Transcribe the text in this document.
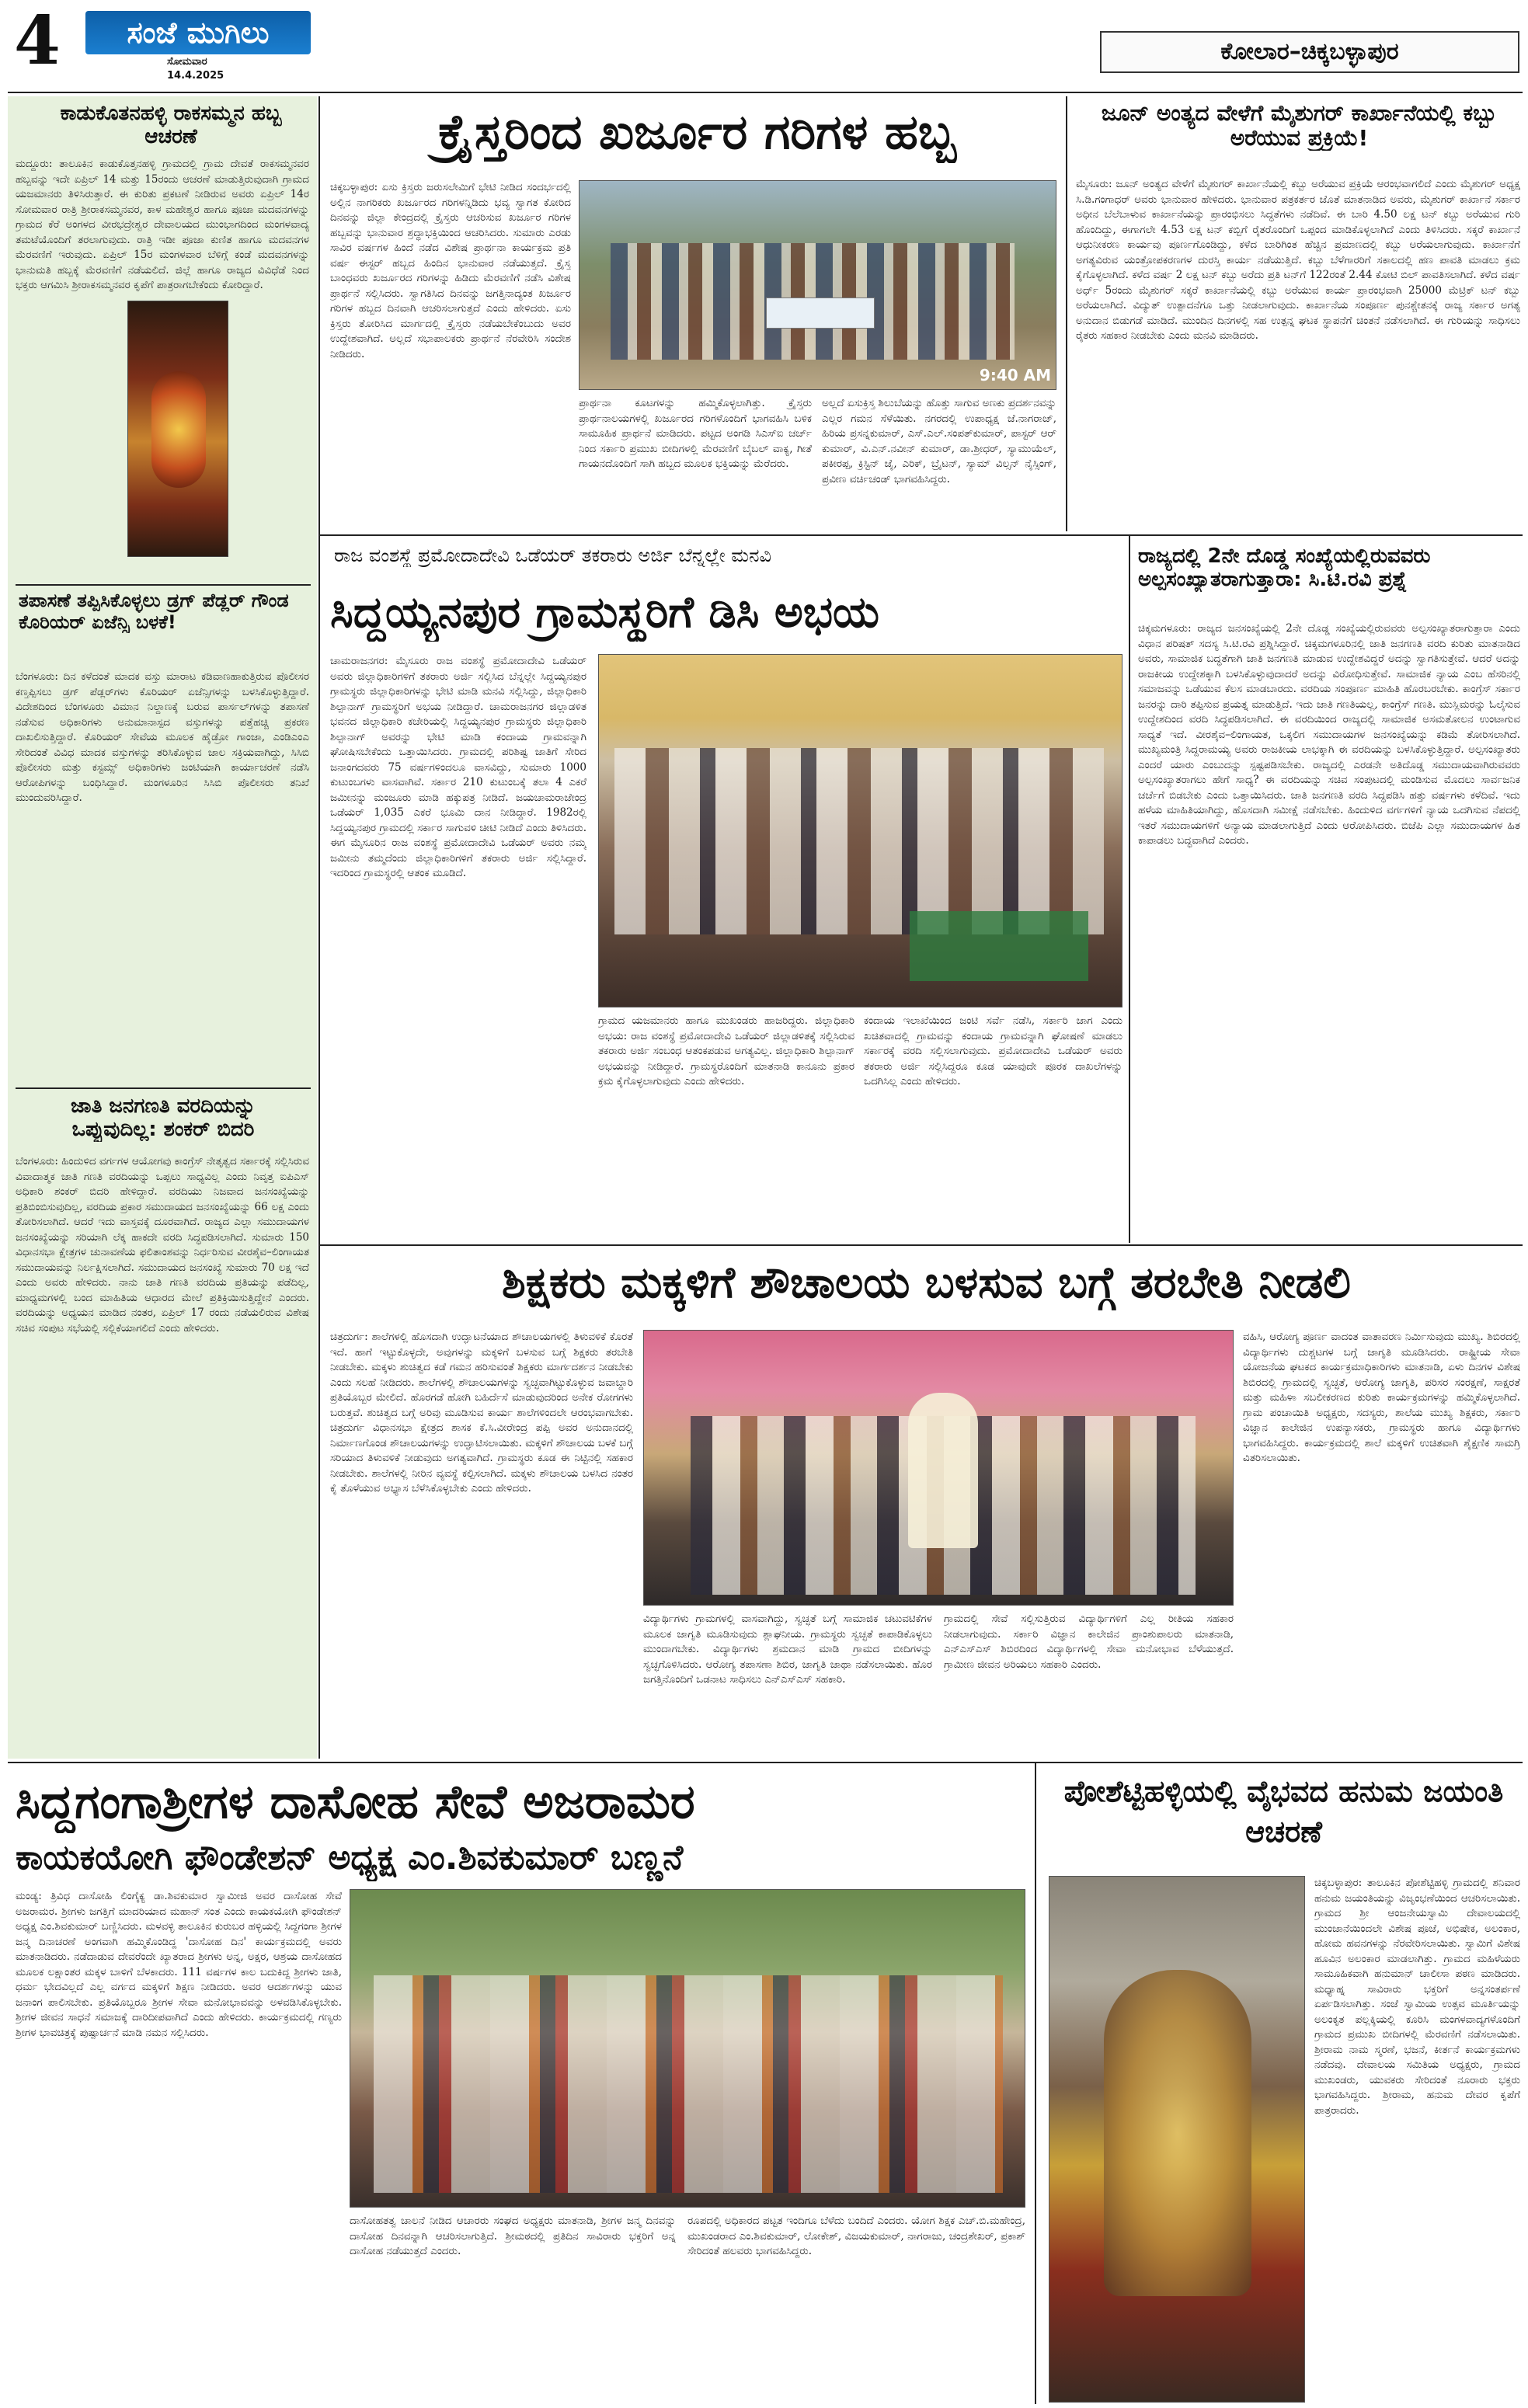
4	ಸಂಜೆ ಮುಗಿಲು
ಸೋಮವಾರ
14.4.2025
ಕೋಲಾರ–ಚಿಕ್ಕಬಳ್ಳಾಪುರ
ಕಾಡುಕೊತನಹಳ್ಳಿ ರಾಕಸಮ್ಮನ ಹಬ್ಬ ಆಚರಣೆ
ಮದ್ದೂರು: ತಾಲೂಕಿನ ಕಾಡುಕೊತ್ತನಹಳ್ಳಿ ಗ್ರಾಮದಲ್ಲಿ ಗ್ರಾಮ ದೇವತೆ ರಾಕಸಮ್ಮನವರ ಹಬ್ಬವನ್ನು ಇದೇ ಏಪ್ರಿಲ್ 14 ಮತ್ತು 15ರಂದು ಆಚರಣೆ ಮಾಡುತ್ತಿರುವುದಾಗಿ ಗ್ರಾಮದ ಯಜಮಾನರು ತಿಳಿಸಿರುತ್ತಾರೆ. ಈ ಕುರಿತು ಪ್ರಕಟಣೆ ನೀಡಿರುವ ಅವರು ಏಪ್ರಿಲ್ 14ರ ಸೋಮವಾರ ರಾತ್ರಿ ಶ್ರೀರಾಕಸಮ್ಮನವರ, ಕಾಳ ಮಹೇಶ್ವರ ಹಾಗೂ ಪೂಜಾ ಮದವನಗಳನ್ನು ಗ್ರಾಮದ ಕೆರೆ ಅಂಗಳದ ವೀರಭದ್ರೇಶ್ವರ ದೇವಾಲಯದ ಮುಂಭಾಗದಿಂದ ಮಂಗಳವಾದ್ಯ ತಮಟೆಯೊಂದಿಗೆ ತರಲಾಗುವುದು. ರಾತ್ರಿ ಇಡೀ ಪೂಜಾ ಕುಣಿತ ಹಾಗೂ ಮದವನಗಳ ಮೆರವಣಿಗೆ ಇರುವುದು. ಏಪ್ರಿಲ್ 15ರ ಮಂಗಳವಾರ ಬೆಳಿಗ್ಗೆ ಕಂಡೆ ಮದವನಗಳನ್ನು ಭಾನುಮತಿ ಹಬ್ಬಕ್ಕೆ ಮೆರವಣಿಗೆ ನಡೆಯಲಿದೆ. ಜಿಲ್ಲೆ ಹಾಗೂ ರಾಜ್ಯದ ವಿವಿಧೆಡೆ ನಿಂದ ಭಕ್ತರು ಆಗಮಿಸಿ ಶ್ರೀರಾಕಸಮ್ಮನವರ ಕೃಪೆಗೆ ಪಾತ್ರರಾಗಬೇಕೆಂದು ಕೋರಿದ್ದಾರೆ.
ತಪಾಸಣೆ ತಪ್ಪಿಸಿಕೊಳ್ಳಲು ಡ್ರಗ್ ಪೆಡ್ಲರ್ ಗೌಂಡ ಕೊರಿಯರ್ ಏಜೆನ್ಸಿ ಬಳಕೆ!
ಬೆಂಗಳೂರು: ದಿನ ಕಳೆದಂತೆ ಮಾದಕ ವಸ್ತು ಮಾರಾಟ ಕಡಿವಾಣಹಾಕುತ್ತಿರುವ ಪೊಲೀಸರ ಕಣ್ತಪ್ಪಿಸಲು ಡ್ರಗ್ ಪೆಡ್ಲರ್‌ಗಳು ಕೊರಿಯರ್ ಏಜೆನ್ಸಿಗಳನ್ನು ಬಳಸಿಕೊಳ್ಳುತ್ತಿದ್ದಾರೆ. ವಿದೇಶದಿಂದ ಬೆಂಗಳೂರು ವಿಮಾನ ನಿಲ್ದಾಣಕ್ಕೆ ಬರುವ ಪಾರ್ಸಲ್‌ಗಳನ್ನು ತಪಾಸಣೆ ನಡೆಸುವ ಅಧಿಕಾರಿಗಳು ಅನುಮಾನಾಸ್ಪದ ವಸ್ತುಗಳನ್ನು ಪತ್ತೆಹಚ್ಚಿ ಪ್ರಕರಣ ದಾಖಲಿಸುತ್ತಿದ್ದಾರೆ. ಕೊರಿಯರ್ ಸೇವೆಯ ಮೂಲಕ ಹೈಡ್ರೋ ಗಾಂಜಾ, ಎಂಡಿಎಂಎ ಸೇರಿದಂತೆ ವಿವಿಧ ಮಾದಕ ವಸ್ತುಗಳನ್ನು ತರಿಸಿಕೊಳ್ಳುವ ಜಾಲ ಸಕ್ರಿಯವಾಗಿದ್ದು, ಸಿಸಿಬಿ ಪೊಲೀಸರು ಮತ್ತು ಕಸ್ಟಮ್ಸ್ ಅಧಿಕಾರಿಗಳು ಜಂಟಿಯಾಗಿ ಕಾರ್ಯಾಚರಣೆ ನಡೆಸಿ ಆರೋಪಿಗಳನ್ನು ಬಂಧಿಸಿದ್ದಾರೆ. ಮಂಗಳೂರಿನ ಸಿಸಿಬಿ ಪೊಲೀಸರು ತನಿಖೆ ಮುಂದುವರಿಸಿದ್ದಾರೆ.
ಜಾತಿ ಜನಗಣತಿ ವರದಿಯನ್ನು ಒಪ್ಪುವುದಿಲ್ಲ: ಶಂಕರ್ ಬಿದರಿ
ಬೆಂಗಳೂರು: ಹಿಂದುಳಿದ ವರ್ಗಗಳ ಆಯೋಗವು ಕಾಂಗ್ರೆಸ್ ನೇತೃತ್ವದ ಸರ್ಕಾರಕ್ಕೆ ಸಲ್ಲಿಸಿರುವ ವಿವಾದಾತ್ಮಕ ಜಾತಿ ಗಣತಿ ವರದಿಯನ್ನು ಒಪ್ಪಲು ಸಾಧ್ಯವಿಲ್ಲ ಎಂದು ನಿವೃತ್ತ ಐಪಿಎಸ್ ಅಧಿಕಾರಿ ಶಂಕರ್ ಬಿದರಿ ಹೇಳಿದ್ದಾರೆ. ವರದಿಯು ನಿಜವಾದ ಜನಸಂಖ್ಯೆಯನ್ನು ಪ್ರತಿಬಿಂಬಿಸುವುದಿಲ್ಲ, ವರದಿಯ ಪ್ರಕಾರ ಸಮುದಾಯದ ಜನಸಂಖ್ಯೆಯನ್ನು 66 ಲಕ್ಷ ಎಂದು ತೋರಿಸಲಾಗಿದೆ. ಆದರೆ ಇದು ವಾಸ್ತವಕ್ಕೆ ದೂರವಾಗಿದೆ. ರಾಜ್ಯದ ಎಲ್ಲಾ ಸಮುದಾಯಗಳ ಜನಸಂಖ್ಯೆಯನ್ನು ಸರಿಯಾಗಿ ಲೆಕ್ಕ ಹಾಕದೇ ವರದಿ ಸಿದ್ಧಪಡಿಸಲಾಗಿದೆ. ಸುಮಾರು 150 ವಿಧಾನಸಭಾ ಕ್ಷೇತ್ರಗಳ ಚುನಾವಣೆಯ ಫಲಿತಾಂಶವನ್ನು ನಿರ್ಧರಿಸುವ ವೀರಶೈವ–ಲಿಂಗಾಯತ ಸಮುದಾಯವನ್ನು ನಿರ್ಲಕ್ಷಿಸಲಾಗಿದೆ. ಸಮುದಾಯದ ಜನಸಂಖ್ಯೆ ಸುಮಾರು 70 ಲಕ್ಷ ಇದೆ ಎಂದು ಅವರು ಹೇಳಿದರು. ನಾನು ಜಾತಿ ಗಣತಿ ವರದಿಯ ಪ್ರತಿಯನ್ನು ಪಡೆದಿಲ್ಲ, ಮಾಧ್ಯಮಗಳಲ್ಲಿ ಬಂದ ಮಾಹಿತಿಯ ಆಧಾರದ ಮೇಲೆ ಪ್ರತಿಕ್ರಿಯಿಸುತ್ತಿದ್ದೇನೆ ಎಂದರು. ವರದಿಯನ್ನು ಅಧ್ಯಯನ ಮಾಡಿದ ನಂತರ, ಏಪ್ರಿಲ್ 17 ರಂದು ನಡೆಯಲಿರುವ ವಿಶೇಷ ಸಚಿವ ಸಂಪುಟ ಸಭೆಯಲ್ಲಿ ಸಲ್ಲಿಕೆಯಾಗಲಿದೆ ಎಂದು ಹೇಳಿದರು.
ಕ್ರೈಸ್ತರಿಂದ ಖರ್ಜೂರ ಗರಿಗಳ ಹಬ್ಬ
ಚಿಕ್ಕಬಳ್ಳಾಪುರ: ಏಸು ಕ್ರಿಸ್ತರು ಜರುಸಲೇಮಿಗೆ ಭೇಟಿ ನೀಡಿದ ಸಂದರ್ಭದಲ್ಲಿ ಅಲ್ಲಿನ ನಾಗರಿಕರು ಖರ್ಜೂರದ ಗರಿಗಳನ್ನಿಡಿದು ಭವ್ಯ ಸ್ವಾಗತ ಕೋರಿದ ದಿನವನ್ನು ಜಿಲ್ಲಾ ಕೇಂದ್ರದಲ್ಲಿ ಕ್ರೈಸ್ತರು ಆಚರಿಸುವ ಖರ್ಜೂರ ಗರಿಗಳ ಹಬ್ಬವನ್ನು ಭಾನುವಾರ ಶ್ರದ್ಧಾಭಕ್ತಿಯಿಂದ ಆಚರಿಸಿದರು. ಸುಮಾರು ಎರಡು ಸಾವಿರ ವರ್ಷಗಳ ಹಿಂದೆ ನಡೆದ ವಿಶೇಷ ಪ್ರಾರ್ಥನಾ ಕಾರ್ಯಕ್ರಮ ಪ್ರತಿ ವರ್ಷ ಈಸ್ಟರ್ ಹಬ್ಬದ ಹಿಂದಿನ ಭಾನುವಾರ ನಡೆಯುತ್ತದೆ. ಕ್ರೈಸ್ತ ಬಾಂಧವರು ಖರ್ಜೂರದ ಗರಿಗಳನ್ನು ಹಿಡಿದು ಮೆರವಣಿಗೆ ನಡೆಸಿ ವಿಶೇಷ ಪ್ರಾರ್ಥನೆ ಸಲ್ಲಿಸಿದರು. ಸ್ವಾಗತಿಸಿದ ದಿನವನ್ನು ಜಗತ್ತಿನಾದ್ಯಂತ ಖರ್ಜೂರ ಗರಿಗಳ ಹಬ್ಬದ ದಿನವಾಗಿ ಆಚರಿಸಲಾಗುತ್ತದೆ ಎಂದು ಹೇಳಿದರು. ಏಸು ಕ್ರಿಸ್ತರು ತೋರಿಸಿದ ಮಾರ್ಗದಲ್ಲಿ ಕ್ರೈಸ್ತರು ನಡೆಯಬೇಕೆಂಬುದು ಅವರ ಉದ್ದೇಶವಾಗಿದೆ. ಅಲ್ಲದೆ ಸಭಾಪಾಲಕರು ಪ್ರಾರ್ಥನೆ ನೆರವೇರಿಸಿ ಸಂದೇಶ ನೀಡಿದರು.
9:40 AM
ಪ್ರಾರ್ಥನಾ ಕೂಟಗಳನ್ನು ಹಮ್ಮಿಕೊಳ್ಳಲಾಗಿತ್ತು. ಕ್ರೈಸ್ತರು ಪ್ರಾರ್ಥನಾಲಯಗಳಲ್ಲಿ ಖರ್ಜೂರದ ಗರಿಗಳೊಂದಿಗೆ ಭಾಗವಹಿಸಿ ಬಳಿಕ ಸಾಮೂಹಿಕ ಪ್ರಾರ್ಥನೆ ಮಾಡಿದರು. ಪಟ್ಟದ ಅಂಗಡಿ ಸಿಎಸ್‌ಐ ಚರ್ಚ್ ನಿಂದ ಸರ್ಕಾರಿ ಪ್ರಮುಖ ಬೀದಿಗಳಲ್ಲಿ ಮೆರವಣಿಗೆ ಬೈಬಲ್ ವಾಕ್ಯ, ಗೀತೆ ಗಾಯನದೊಂದಿಗೆ ಸಾಗಿ ಹಬ್ಬದ ಮೂಲಕ ಭಕ್ತಿಯನ್ನು ಮೆರೆದರು.
ಅಲ್ಲದೆ ಏಸುಕ್ರಿಸ್ತ ಶಿಲುಬೆಯನ್ನು ಹೊತ್ತು ಸಾಗುವ ಅಣಕು ಪ್ರದರ್ಶನವನ್ನು ಎಲ್ಲರ ಗಮನ ಸೆಳೆಯಿತು. ನಗರದಲ್ಲಿ ಉಪಾಧ್ಯಕ್ಷ ಜೆ.ನಾಗರಾಜ್, ಹಿರಿಯ ಪ್ರಸನ್ನಕುಮಾರ್, ಎಸ್.ಎಲ್.ಸಂಪತ್‌ಕುಮಾರ್, ಪಾಸ್ಟರ್ ಆರ್ ಕುಮಾರ್, ವಿ.ಎನ್.ನವೀನ್ ಕುಮಾರ್, ಡಾ.ಶ್ರೀಧರ್, ಸ್ಯಾಮುಯೆಲ್, ಪಕೀರಪ್ಪ, ಕ್ರಿಸ್ಟಿನ್ ಜೈ, ಎರಿಕ್, ಬ್ರೈಟನ್, ಸ್ಯಾಮ್ ವಿಲ್ಸನ್ ನೈಸ್ಸಿಂಗ್, ಪ್ರವೀಣ ವರ್ಚಿಚಂಡ್ ಭಾಗವಹಿಸಿದ್ದರು.
ಜೂನ್ ಅಂತ್ಯದ ವೇಳೆಗೆ ಮೈಶುಗರ್ ಕಾರ್ಖಾನೆಯಲ್ಲಿ ಕಬ್ಬು ಅರೆಯುವ ಪ್ರಕ್ರಿಯೆ!
ಮೈಸೂರು: ಜೂನ್ ಅಂತ್ಯದ ವೇಳೆಗೆ ಮೈಶುಗರ್ ಕಾರ್ಖಾನೆಯಲ್ಲಿ ಕಬ್ಬು ಅರೆಯುವ ಪ್ರಕ್ರಿಯೆ ಆರಂಭವಾಗಲಿದೆ ಎಂದು ಮೈಶುಗರ್ ಅಧ್ಯಕ್ಷ ಸಿ.ಡಿ.ಗಂಗಾಧರ್ ಅವರು ಭಾನುವಾರ ಹೇಳಿದರು. ಭಾನುವಾರ ಪತ್ರಕರ್ತರ ಜೊತೆ ಮಾತನಾಡಿದ ಅವರು, ಮೈಶುಗರ್ ಕಾರ್ಖಾನೆ ಸರ್ಕಾರ ಅಧೀನ ಬೆಲೆಬಾಳುವ ಕಾರ್ಖಾನೆಯನ್ನು ಪ್ರಾರಂಭಿಸಲು ಸಿದ್ಧತೆಗಳು ನಡೆದಿವೆ. ಈ ಬಾರಿ 4.50 ಲಕ್ಷ ಟನ್ ಕಬ್ಬು ಅರೆಯುವ ಗುರಿ ಹೊಂದಿದ್ದು, ಈಗಾಗಲೇ 4.53 ಲಕ್ಷ ಟನ್ ಕಬ್ಬಿಗೆ ರೈತರೊಂದಿಗೆ ಒಪ್ಪಂದ ಮಾಡಿಕೊಳ್ಳಲಾಗಿದೆ ಎಂದು ತಿಳಿಸಿದರು. ಸಕ್ಕರೆ ಕಾರ್ಖಾನೆ ಆಧುನೀಕರಣ ಕಾರ್ಯವು ಪೂರ್ಣಗೊಂಡಿದ್ದು, ಕಳೆದ ಬಾರಿಗಿಂತ ಹೆಚ್ಚಿನ ಪ್ರಮಾಣದಲ್ಲಿ ಕಬ್ಬು ಅರೆಯಲಾಗುವುದು. ಕಾರ್ಖಾನೆಗೆ ಅಗತ್ಯವಿರುವ ಯಂತ್ರೋಪಕರಣಗಳ ದುರಸ್ತಿ ಕಾರ್ಯ ನಡೆಯುತ್ತಿದೆ. ಕಬ್ಬು ಬೆಳೆಗಾರರಿಗೆ ಸಕಾಲದಲ್ಲಿ ಹಣ ಪಾವತಿ ಮಾಡಲು ಕ್ರಮ ಕೈಗೊಳ್ಳಲಾಗಿದೆ. ಕಳೆದ ವರ್ಷ 2 ಲಕ್ಷ ಟನ್ ಕಬ್ಬು ಅರೆದು ಪ್ರತಿ ಟನ್‌ಗೆ 122ರಂತೆ 2.44 ಕೋಟಿ ಬಿಲ್ ಪಾವತಿಸಲಾಗಿದೆ. ಕಳೆದ ವರ್ಷ ಅರ್ಧ್ 5ರಂದು ಮೈಶುಗರ್ ಸಕ್ಕರೆ ಕಾರ್ಖಾನೆಯಲ್ಲಿ ಕಬ್ಬು ಅರೆಯುವ ಕಾರ್ಯ ಪ್ರಾರಂಭವಾಗಿ 25000 ಮೆಟ್ರಿಕ್ ಟನ್ ಕಬ್ಬು ಅರೆಯಲಾಗಿದೆ. ವಿದ್ಯುತ್ ಉತ್ಪಾದನೆಗೂ ಒತ್ತು ನೀಡಲಾಗುವುದು. ಕಾರ್ಖಾನೆಯ ಸಂಪೂರ್ಣ ಪುನಶ್ಚೇತನಕ್ಕೆ ರಾಜ್ಯ ಸರ್ಕಾರ ಅಗತ್ಯ ಅನುದಾನ ಬಿಡುಗಡೆ ಮಾಡಿದೆ. ಮುಂದಿನ ದಿನಗಳಲ್ಲಿ ಸಹ ಉತ್ಪನ್ನ ಘಟಕ ಸ್ಥಾಪನೆಗೆ ಚಿಂತನೆ ನಡೆಸಲಾಗಿದೆ. ಈ ಗುರಿಯನ್ನು ಸಾಧಿಸಲು ರೈತರು ಸಹಕಾರ ನೀಡಬೇಕು ಎಂದು ಮನವಿ ಮಾಡಿದರು.
ರಾಜ ವಂಶಸ್ಥೆ ಪ್ರಮೋದಾದೇವಿ ಒಡೆಯರ್ ತಕರಾರು ಅರ್ಜಿ ಬೆನ್ನಲ್ಲೇ ಮನವಿ
ಸಿದ್ದಯ್ಯನಪುರ ಗ್ರಾಮಸ್ಥರಿಗೆ ಡಿಸಿ ಅಭಯ
ಚಾಮರಾಜನಗರ: ಮೈಸೂರು ರಾಜ ವಂಶಸ್ಥೆ ಪ್ರಮೋದಾದೇವಿ ಒಡೆಯರ್ ಅವರು ಜಿಲ್ಲಾಧಿಕಾರಿಗಳಿಗೆ ತಕರಾರು ಅರ್ಜಿ ಸಲ್ಲಿಸಿದ ಬೆನ್ನಲ್ಲೇ ಸಿದ್ದಯ್ಯನಪುರ ಗ್ರಾಮಸ್ಥರು ಜಿಲ್ಲಾಧಿಕಾರಿಗಳನ್ನು ಭೇಟಿ ಮಾಡಿ ಮನವಿ ಸಲ್ಲಿಸಿದ್ದು, ಜಿಲ್ಲಾಧಿಕಾರಿ ಶಿಲ್ಪಾನಾಗ್ ಗ್ರಾಮಸ್ಥರಿಗೆ ಅಭಯ ನೀಡಿದ್ದಾರೆ. ಚಾಮರಾಜನಗರ ಜಿಲ್ಲಾಡಳಿತ ಭವನದ ಜಿಲ್ಲಾಧಿಕಾರಿ ಕಚೇರಿಯಲ್ಲಿ ಸಿದ್ದಯ್ಯನಪುರ ಗ್ರಾಮಸ್ಥರು ಜಿಲ್ಲಾಧಿಕಾರಿ ಶಿಲ್ಪಾನಾಗ್ ಅವರನ್ನು ಭೇಟಿ ಮಾಡಿ ಕಂದಾಯ ಗ್ರಾಮವನ್ನಾಗಿ ಘೋಷಿಸಬೇಕೆಂದು ಒತ್ತಾಯಿಸಿದರು. ಗ್ರಾಮದಲ್ಲಿ ಪರಿಶಿಷ್ಟ ಜಾತಿಗೆ ಸೇರಿದ ಜನಾಂಗದವರು 75 ವರ್ಷಗಳಿಂದಲೂ ವಾಸವಿದ್ದು, ಸುಮಾರು 1000 ಕುಟುಂಬಗಳು ವಾಸವಾಗಿವೆ. ಸರ್ಕಾರ 210 ಕುಟುಂಬಕ್ಕೆ ತಲಾ 4 ಎಕರೆ ಜಮೀನನ್ನು ಮಂಜೂರು ಮಾಡಿ ಹಕ್ಕುಪತ್ರ ನೀಡಿದೆ. ಜಯಚಾಮರಾಜೇಂದ್ರ ಒಡೆಯರ್ 1,035 ಎಕರೆ ಭೂಮಿ ದಾನ ನೀಡಿದ್ದಾರೆ. 1982ರಲ್ಲಿ ಸಿದ್ದಯ್ಯನಪುರ ಗ್ರಾಮದಲ್ಲಿ ಸರ್ಕಾರ ಸಾಗುವಳಿ ಚೀಟಿ ನೀಡಿದೆ ಎಂದು ತಿಳಿಸಿದರು. ಈಗ ಮೈಸೂರಿನ ರಾಜ ವಂಶಸ್ಥೆ ಪ್ರಮೋದಾದೇವಿ ಒಡೆಯರ್ ಅವರು ನಮ್ಮ ಜಮೀನು ತಮ್ಮದೆಂದು ಜಿಲ್ಲಾಧಿಕಾರಿಗಳಿಗೆ ತಕರಾರು ಅರ್ಜಿ ಸಲ್ಲಿಸಿದ್ದಾರೆ. ಇದರಿಂದ ಗ್ರಾಮಸ್ಥರಲ್ಲಿ ಆತಂಕ ಮೂಡಿದೆ.
ಗ್ರಾಮದ ಯಜಮಾನರು ಹಾಗೂ ಮುಖಂಡರು ಹಾಜರಿದ್ದರು. ಜಿಲ್ಲಾಧಿಕಾರಿ ಅಭಯ: ರಾಜ ವಂಶಸ್ಥೆ ಪ್ರಮೋದಾದೇವಿ ಒಡೆಯರ್ ಜಿಲ್ಲಾಡಳಿತಕ್ಕೆ ಸಲ್ಲಿಸಿರುವ ತಕರಾರು ಅರ್ಜಿ ಸಂಬಂಧ ಆತಂಕಪಡುವ ಅಗತ್ಯವಿಲ್ಲ. ಜಿಲ್ಲಾಧಿಕಾರಿ ಶಿಲ್ಪಾನಾಗ್ ಅಭಯವನ್ನು ನೀಡಿದ್ದಾರೆ. ಗ್ರಾಮಸ್ಥರೊಂದಿಗೆ ಮಾತನಾಡಿ ಕಾನೂನು ಪ್ರಕಾರ ಕ್ರಮ ಕೈಗೊಳ್ಳಲಾಗುವುದು ಎಂದು ಹೇಳಿದರು.
ಕಂದಾಯ ಇಲಾಖೆಯಿಂದ ಜಂಟಿ ಸರ್ವೆ ನಡೆಸಿ, ಸರ್ಕಾರಿ ಜಾಗ ಎಂದು ಖಚಿತವಾದಲ್ಲಿ ಗ್ರಾಮವನ್ನು ಕಂದಾಯ ಗ್ರಾಮವನ್ನಾಗಿ ಘೋಷಣೆ ಮಾಡಲು ಸರ್ಕಾರಕ್ಕೆ ವರದಿ ಸಲ್ಲಿಸಲಾಗುವುದು. ಪ್ರಮೋದಾದೇವಿ ಒಡೆಯರ್ ಅವರು ತಕರಾರು ಅರ್ಜಿ ಸಲ್ಲಿಸಿದ್ದರೂ ಕೂಡ ಯಾವುದೇ ಪೂರಕ ದಾಖಲೆಗಳನ್ನು ಒದಗಿಸಿಲ್ಲ ಎಂದು ಹೇಳಿದರು.
ರಾಜ್ಯದಲ್ಲಿ 2ನೇ ದೊಡ್ಡ ಸಂಖ್ಯೆಯಲ್ಲಿರುವವರು ಅಲ್ಪಸಂಖ್ಯಾತರಾಗುತ್ತಾರಾ: ಸಿ.ಟಿ.ರವಿ ಪ್ರಶ್ನೆ
ಚಿಕ್ಕಮಗಳೂರು: ರಾಜ್ಯದ ಜನಸಂಖ್ಯೆಯಲ್ಲಿ 2ನೇ ದೊಡ್ಡ ಸಂಖ್ಯೆಯಲ್ಲಿರುವವರು ಅಲ್ಪಸಂಖ್ಯಾತರಾಗುತ್ತಾರಾ ಎಂದು ವಿಧಾನ ಪರಿಷತ್ ಸದಸ್ಯ ಸಿ.ಟಿ.ರವಿ ಪ್ರಶ್ನಿಸಿದ್ದಾರೆ. ಚಿಕ್ಕಮಗಳೂರಿನಲ್ಲಿ ಜಾತಿ ಜನಗಣತಿ ವರದಿ ಕುರಿತು ಮಾತನಾಡಿದ ಅವರು, ಸಾಮಾಜಿಕ ಬದ್ಧತೆಗಾಗಿ ಜಾತಿ ಜನಗಣತಿ ಮಾಡುವ ಉದ್ದೇಶವಿದ್ದರೆ ಅದನ್ನು ಸ್ವಾಗತಿಸುತ್ತೇವೆ. ಆದರೆ ಅದನ್ನು ರಾಜಕೀಯ ಉದ್ದೇಶಕ್ಕಾಗಿ ಬಳಸಿಕೊಳ್ಳುವುದಾದರೆ ಅದನ್ನು ವಿರೋಧಿಸುತ್ತೇವೆ. ಸಾಮಾಜಿಕ ನ್ಯಾಯ ಎಂಬ ಹೆಸರಿನಲ್ಲಿ ಸಮಾಜವನ್ನು ಒಡೆಯುವ ಕೆಲಸ ಮಾಡಬಾರದು. ವರದಿಯ ಸಂಪೂರ್ಣ ಮಾಹಿತಿ ಹೊರಬರಬೇಕು. ಕಾಂಗ್ರೆಸ್ ಸರ್ಕಾರ ಜನರನ್ನು ದಾರಿ ತಪ್ಪಿಸುವ ಪ್ರಯತ್ನ ಮಾಡುತ್ತಿದೆ. ಇದು ಜಾತಿ ಗಣತಿಯಲ್ಲ, ಕಾಂಗ್ರೆಸ್ ಗಣತಿ. ಮುಸ್ಲಿಮರನ್ನು ಓಲೈಸುವ ಉದ್ದೇಶದಿಂದ ವರದಿ ಸಿದ್ಧಪಡಿಸಲಾಗಿದೆ. ಈ ವರದಿಯಿಂದ ರಾಜ್ಯದಲ್ಲಿ ಸಾಮಾಜಿಕ ಅಸಮತೋಲನ ಉಂಟಾಗುವ ಸಾಧ್ಯತೆ ಇದೆ. ವೀರಶೈವ–ಲಿಂಗಾಯತ, ಒಕ್ಕಲಿಗ ಸಮುದಾಯಗಳ ಜನಸಂಖ್ಯೆಯನ್ನು ಕಡಿಮೆ ತೋರಿಸಲಾಗಿದೆ. ಮುಖ್ಯಮಂತ್ರಿ ಸಿದ್ದರಾಮಯ್ಯ ಅವರು ರಾಜಕೀಯ ಲಾಭಕ್ಕಾಗಿ ಈ ವರದಿಯನ್ನು ಬಳಸಿಕೊಳ್ಳುತ್ತಿದ್ದಾರೆ. ಅಲ್ಪಸಂಖ್ಯಾತರು ಎಂದರೆ ಯಾರು ಎಂಬುದನ್ನು ಸ್ಪಷ್ಟಪಡಿಸಬೇಕು. ರಾಜ್ಯದಲ್ಲಿ ಎರಡನೇ ಅತಿದೊಡ್ಡ ಸಮುದಾಯವಾಗಿರುವವರು ಅಲ್ಪಸಂಖ್ಯಾತರಾಗಲು ಹೇಗೆ ಸಾಧ್ಯ? ಈ ವರದಿಯನ್ನು ಸಚಿವ ಸಂಪುಟದಲ್ಲಿ ಮಂಡಿಸುವ ಮೊದಲು ಸಾರ್ವಜನಿಕ ಚರ್ಚೆಗೆ ಬಿಡಬೇಕು ಎಂದು ಒತ್ತಾಯಿಸಿದರು. ಜಾತಿ ಜನಗಣತಿ ವರದಿ ಸಿದ್ಧಪಡಿಸಿ ಹತ್ತು ವರ್ಷಗಳು ಕಳೆದಿವೆ. ಇದು ಹಳೆಯ ಮಾಹಿತಿಯಾಗಿದ್ದು, ಹೊಸದಾಗಿ ಸಮೀಕ್ಷೆ ನಡೆಸಬೇಕು. ಹಿಂದುಳಿದ ವರ್ಗಗಳಿಗೆ ನ್ಯಾಯ ಒದಗಿಸುವ ನೆಪದಲ್ಲಿ ಇತರೆ ಸಮುದಾಯಗಳಿಗೆ ಅನ್ಯಾಯ ಮಾಡಲಾಗುತ್ತಿದೆ ಎಂದು ಆರೋಪಿಸಿದರು. ಬಿಜೆಪಿ ಎಲ್ಲಾ ಸಮುದಾಯಗಳ ಹಿತ ಕಾಪಾಡಲು ಬದ್ಧವಾಗಿದೆ ಎಂದರು.
ಶಿಕ್ಷಕರು ಮಕ್ಕಳಿಗೆ ಶೌಚಾಲಯ ಬಳಸುವ ಬಗ್ಗೆ ತರಬೇತಿ ನೀಡಲಿ
ಚಿತ್ರದುರ್ಗ: ಶಾಲೆಗಳಲ್ಲಿ ಹೊಸದಾಗಿ ಉದ್ಘಾಟನೆಯಾದ ಶೌಚಾಲಯಗಳಲ್ಲಿ ತಿಳುವಳಿಕೆ ಕೊರತೆ ಇದೆ. ಹಾಗೆ ಇಟ್ಟುಕೊಳ್ಳದೇ, ಅವುಗಳನ್ನು ಮಕ್ಕಳಿಗೆ ಬಳಸುವ ಬಗ್ಗೆ ಶಿಕ್ಷಕರು ತರಬೇತಿ ನೀಡಬೇಕು. ಮಕ್ಕಳು ಶುಚಿತ್ವದ ಕಡೆ ಗಮನ ಹರಿಸುವಂತೆ ಶಿಕ್ಷಕರು ಮಾರ್ಗದರ್ಶನ ನೀಡಬೇಕು ಎಂದು ಸಲಹೆ ನೀಡಿದರು. ಶಾಲೆಗಳಲ್ಲಿ ಶೌಚಾಲಯಗಳನ್ನು ಸ್ವಚ್ಛವಾಗಿಟ್ಟುಕೊಳ್ಳುವ ಜವಾಬ್ದಾರಿ ಪ್ರತಿಯೊಬ್ಬರ ಮೇಲಿದೆ. ಹೊರಗಡೆ ಹೋಗಿ ಬಹಿರ್ದೆಸೆ ಮಾಡುವುದರಿಂದ ಅನೇಕ ರೋಗಗಳು ಬರುತ್ತವೆ. ಶುಚಿತ್ವದ ಬಗ್ಗೆ ಅರಿವು ಮೂಡಿಸುವ ಕಾರ್ಯ ಶಾಲೆಗಳಿಂದಲೇ ಆರಂಭವಾಗಬೇಕು. ಚಿತ್ರದುರ್ಗ ವಿಧಾನಸಭಾ ಕ್ಷೇತ್ರದ ಶಾಸಕ ಕೆ.ಸಿ.ವೀರೇಂದ್ರ ಪಪ್ಪಿ ಅವರ ಅನುದಾನದಲ್ಲಿ ನಿರ್ಮಾಣಗೊಂಡ ಶೌಚಾಲಯಗಳನ್ನು ಉದ್ಘಾಟಿಸಲಾಯಿತು. ಮಕ್ಕಳಿಗೆ ಶೌಚಾಲಯ ಬಳಕೆ ಬಗ್ಗೆ ಸರಿಯಾದ ತಿಳುವಳಿಕೆ ನೀಡುವುದು ಅಗತ್ಯವಾಗಿದೆ. ಗ್ರಾಮಸ್ಥರು ಕೂಡ ಈ ನಿಟ್ಟಿನಲ್ಲಿ ಸಹಕಾರ ನೀಡಬೇಕು. ಶಾಲೆಗಳಲ್ಲಿ ನೀರಿನ ವ್ಯವಸ್ಥೆ ಕಲ್ಪಿಸಲಾಗಿದೆ. ಮಕ್ಕಳು ಶೌಚಾಲಯ ಬಳಸಿದ ನಂತರ ಕೈ ತೊಳೆಯುವ ಅಭ್ಯಾಸ ಬೆಳೆಸಿಕೊಳ್ಳಬೇಕು ಎಂದು ಹೇಳಿದರು.
ವಿದ್ಯಾರ್ಥಿಗಳು ಗ್ರಾಮಗಳಲ್ಲಿ ವಾಸವಾಗಿದ್ದು, ಸ್ವಚ್ಛತೆ ಬಗ್ಗೆ ಸಾಮಾಜಿಕ ಚಟುವಟಿಕೆಗಳ ಮೂಲಕ ಜಾಗೃತಿ ಮೂಡಿಸುವುದು ಶ್ಲಾಘನೀಯ. ಗ್ರಾಮಸ್ಥರು ಸ್ವಚ್ಛತೆ ಕಾಪಾಡಿಕೊಳ್ಳಲು ಮುಂದಾಗಬೇಕು. ವಿದ್ಯಾರ್ಥಿಗಳು ಶ್ರಮದಾನ ಮಾಡಿ ಗ್ರಾಮದ ಬೀದಿಗಳನ್ನು ಸ್ವಚ್ಛಗೊಳಿಸಿದರು. ಆರೋಗ್ಯ ತಪಾಸಣಾ ಶಿಬಿರ, ಜಾಗೃತಿ ಜಾಥಾ ನಡೆಸಲಾಯಿತು. ಹೊರ ಜಗತ್ತಿನೊಂದಿಗೆ ಒಡನಾಟ ಸಾಧಿಸಲು ಎನ್‌ಎಸ್‌ಎಸ್ ಸಹಕಾರಿ.
ಗ್ರಾಮದಲ್ಲಿ ಸೇವೆ ಸಲ್ಲಿಸುತ್ತಿರುವ ವಿದ್ಯಾರ್ಥಿಗಳಿಗೆ ಎಲ್ಲ ರೀತಿಯ ಸಹಕಾರ ನೀಡಲಾಗುವುದು. ಸರ್ಕಾರಿ ವಿಜ್ಞಾನ ಕಾಲೇಜಿನ ಪ್ರಾಂಶುಪಾಲರು ಮಾತನಾಡಿ, ಎನ್‌ಎಸ್‌ಎಸ್ ಶಿಬಿರದಿಂದ ವಿದ್ಯಾರ್ಥಿಗಳಲ್ಲಿ ಸೇವಾ ಮನೋಭಾವ ಬೆಳೆಯುತ್ತದೆ. ಗ್ರಾಮೀಣ ಜೀವನ ಅರಿಯಲು ಸಹಕಾರಿ ಎಂದರು.
ವಹಿಸಿ, ಆರೋಗ್ಯ ಪೂರ್ಣ ವಾದಂತ ವಾತಾವರಣ ನಿರ್ಮಿಸುವುದು ಮುಖ್ಯ. ಶಿಬಿರದಲ್ಲಿ ವಿದ್ಯಾರ್ಥಿಗಳು ದುಶ್ಚಟಗಳ ಬಗ್ಗೆ ಜಾಗೃತಿ ಮೂಡಿಸಿದರು. ರಾಷ್ಟ್ರೀಯ ಸೇವಾ ಯೋಜನೆಯ ಘಟಕದ ಕಾರ್ಯಕ್ರಮಾಧಿಕಾರಿಗಳು ಮಾತನಾಡಿ, ಏಳು ದಿನಗಳ ವಿಶೇಷ ಶಿಬಿರದಲ್ಲಿ ಗ್ರಾಮದಲ್ಲಿ ಸ್ವಚ್ಛತೆ, ಆರೋಗ್ಯ ಜಾಗೃತಿ, ಪರಿಸರ ಸಂರಕ್ಷಣೆ, ಸಾಕ್ಷರತೆ ಮತ್ತು ಮಹಿಳಾ ಸಬಲೀಕರಣದ ಕುರಿತು ಕಾರ್ಯಕ್ರಮಗಳನ್ನು ಹಮ್ಮಿಕೊಳ್ಳಲಾಗಿದೆ. ಗ್ರಾಮ ಪಂಚಾಯಿತಿ ಅಧ್ಯಕ್ಷರು, ಸದಸ್ಯರು, ಶಾಲೆಯ ಮುಖ್ಯ ಶಿಕ್ಷಕರು, ಸರ್ಕಾರಿ ವಿಜ್ಞಾನ ಕಾಲೇಜಿನ ಉಪನ್ಯಾಸಕರು, ಗ್ರಾಮಸ್ಥರು ಹಾಗೂ ವಿದ್ಯಾರ್ಥಿಗಳು ಭಾಗವಹಿಸಿದ್ದರು. ಕಾರ್ಯಕ್ರಮದಲ್ಲಿ ಶಾಲೆ ಮಕ್ಕಳಿಗೆ ಉಚಿತವಾಗಿ ಶೈಕ್ಷಣಿಕ ಸಾಮಗ್ರಿ ವಿತರಿಸಲಾಯಿತು.
ಸಿದ್ದಗಂಗಾಶ್ರೀಗಳ ದಾಸೋಹ ಸೇವೆ ಅಜರಾಮರ
ಕಾಯಕಯೋಗಿ ಫೌಂಡೇಶನ್ ಅಧ್ಯಕ್ಷ ಎಂ.ಶಿವಕುಮಾರ್ ಬಣ್ಣನೆ
ಮಂಡ್ಯ: ತ್ರಿವಿಧ ದಾಸೋಹಿ ಲಿಂಗೈಕ್ಯ ಡಾ.ಶಿವಕುಮಾರ ಸ್ವಾಮೀಜಿ ಅವರ ದಾಸೋಹ ಸೇವೆ ಅಜರಾಮರ. ಶ್ರೀಗಳು ಜಗತ್ತಿಗೆ ಮಾದರಿಯಾದ ಮಹಾನ್ ಸಂತ ಎಂದು ಕಾಯಕಯೋಗಿ ಫೌಂಡೇಶನ್ ಅಧ್ಯಕ್ಷ ಎಂ.ಶಿವಕುಮಾರ್ ಬಣ್ಣಿಸಿದರು. ಮಳವಳ್ಳಿ ತಾಲೂಕಿನ ಕುರುಬರ ಹಳ್ಳಿಯಲ್ಲಿ ಸಿದ್ದಗಂಗಾ ಶ್ರೀಗಳ ಜನ್ಮ ದಿನಾಚರಣೆ ಅಂಗವಾಗಿ ಹಮ್ಮಿಕೊಂಡಿದ್ದ 'ದಾಸೋಹ ದಿನ' ಕಾರ್ಯಕ್ರಮದಲ್ಲಿ ಅವರು ಮಾತನಾಡಿದರು. ನಡೆದಾಡುವ ದೇವರೆಂದೇ ಖ್ಯಾತರಾದ ಶ್ರೀಗಳು ಅನ್ನ, ಅಕ್ಷರ, ಆಶ್ರಯ ದಾಸೋಹದ ಮೂಲಕ ಲಕ್ಷಾಂತರ ಮಕ್ಕಳ ಬಾಳಿಗೆ ಬೆಳಕಾದರು. 111 ವರ್ಷಗಳ ಕಾಲ ಬದುಕಿದ್ದ ಶ್ರೀಗಳು ಜಾತಿ, ಧರ್ಮ ಭೇದವಿಲ್ಲದೆ ಎಲ್ಲ ವರ್ಗದ ಮಕ್ಕಳಿಗೆ ಶಿಕ್ಷಣ ನೀಡಿದರು. ಅವರ ಆದರ್ಶಗಳನ್ನು ಯುವ ಜನಾಂಗ ಪಾಲಿಸಬೇಕು. ಪ್ರತಿಯೊಬ್ಬರೂ ಶ್ರೀಗಳ ಸೇವಾ ಮನೋಭಾವವನ್ನು ಅಳವಡಿಸಿಕೊಳ್ಳಬೇಕು. ಶ್ರೀಗಳ ಜೀವನ ಸಾಧನೆ ಸಮಾಜಕ್ಕೆ ದಾರಿದೀಪವಾಗಿದೆ ಎಂದು ಹೇಳಿದರು. ಕಾರ್ಯಕ್ರಮದಲ್ಲಿ ಗಣ್ಯರು ಶ್ರೀಗಳ ಭಾವಚಿತ್ರಕ್ಕೆ ಪುಷ್ಪಾರ್ಚನೆ ಮಾಡಿ ನಮನ ಸಲ್ಲಿಸಿದರು.
ದಾಸೋಹತತ್ವ ಚಾಲನೆ ನೀಡಿದ ಆಚಾರರು ಸಂಘದ ಅಧ್ಯಕ್ಷರು ಮಾತನಾಡಿ, ಶ್ರೀಗಳ ಜನ್ಮ ದಿನವನ್ನು ದಾಸೋಹ ದಿನವನ್ನಾಗಿ ಆಚರಿಸಲಾಗುತ್ತಿದೆ. ಶ್ರೀಮಠದಲ್ಲಿ ಪ್ರತಿದಿನ ಸಾವಿರಾರು ಭಕ್ತರಿಗೆ ಅನ್ನ ದಾಸೋಹ ನಡೆಯುತ್ತದೆ ಎಂದರು.
ರೂಪದಲ್ಲಿ ಅಧಿಕಾರದ ಪಟ್ಟತ ಇಂದಿಗೂ ಬೆಳೆದು ಬಂದಿದೆ ಎಂದರು. ಯೋಗ ಶಿಕ್ಷಕ ಎಚ್.ಬಿ.ಮಹೇಂದ್ರ, ಮುಖಂಡರಾದ ಎಂ.ಶಿವಕುಮಾರ್, ಲೋಕೇಶ್, ವಿಜಯಕುಮಾರ್, ನಾಗರಾಜು, ಚಂದ್ರಶೇಖರ್, ಪ್ರಕಾಶ್ ಸೇರಿದಂತೆ ಹಲವರು ಭಾಗವಹಿಸಿದ್ದರು.
ಪೋಶೆಟ್ಟಿಹಳ್ಳಿಯಲ್ಲಿ ವೈಭವದ ಹನುಮ ಜಯಂತಿ ಆಚರಣೆ
ಚಿಕ್ಕಬಳ್ಳಾಪುರ: ತಾಲೂಕಿನ ಪೋಶೆಟ್ಟಿಹಳ್ಳಿ ಗ್ರಾಮದಲ್ಲಿ ಶನಿವಾರ ಹನುಮ ಜಯಂತಿಯನ್ನು ವಿಜೃಂಭಣೆಯಿಂದ ಆಚರಿಸಲಾಯಿತು. ಗ್ರಾಮದ ಶ್ರೀ ಆಂಜನೇಯಸ್ವಾಮಿ ದೇವಾಲಯದಲ್ಲಿ ಮುಂಜಾನೆಯಿಂದಲೇ ವಿಶೇಷ ಪೂಜೆ, ಅಭಿಷೇಕ, ಅಲಂಕಾರ, ಹೋಮ ಹವನಗಳನ್ನು ನೆರವೇರಿಸಲಾಯಿತು. ಸ್ವಾಮಿಗೆ ವಿಶೇಷ ಹೂವಿನ ಅಲಂಕಾರ ಮಾಡಲಾಗಿತ್ತು. ಗ್ರಾಮದ ಮಹಿಳೆಯರು ಸಾಮೂಹಿಕವಾಗಿ ಹನುಮಾನ್ ಚಾಲೀಸಾ ಪಠಣ ಮಾಡಿದರು. ಮಧ್ಯಾಹ್ನ ಸಾವಿರಾರು ಭಕ್ತರಿಗೆ ಅನ್ನಸಂತರ್ಪಣೆ ಏರ್ಪಡಿಸಲಾಗಿತ್ತು. ಸಂಜೆ ಸ್ವಾಮಿಯ ಉತ್ಸವ ಮೂರ್ತಿಯನ್ನು ಅಲಂಕೃತ ಪಲ್ಲಕ್ಕಿಯಲ್ಲಿ ಕೂರಿಸಿ ಮಂಗಳವಾದ್ಯಗಳೊಂದಿಗೆ ಗ್ರಾಮದ ಪ್ರಮುಖ ಬೀದಿಗಳಲ್ಲಿ ಮೆರವಣಿಗೆ ನಡೆಸಲಾಯಿತು. ಶ್ರೀರಾಮ ನಾಮ ಸ್ಮರಣೆ, ಭಜನೆ, ಕೀರ್ತನೆ ಕಾರ್ಯಕ್ರಮಗಳು ನಡೆದವು. ದೇವಾಲಯ ಸಮಿತಿಯ ಅಧ್ಯಕ್ಷರು, ಗ್ರಾಮದ ಮುಖಂಡರು, ಯುವಕರು ಸೇರಿದಂತೆ ನೂರಾರು ಭಕ್ತರು ಭಾಗವಹಿಸಿದ್ದರು. ಶ್ರೀರಾಮ, ಹನುಮ ದೇವರ ಕೃಪೆಗೆ ಪಾತ್ರರಾದರು.
